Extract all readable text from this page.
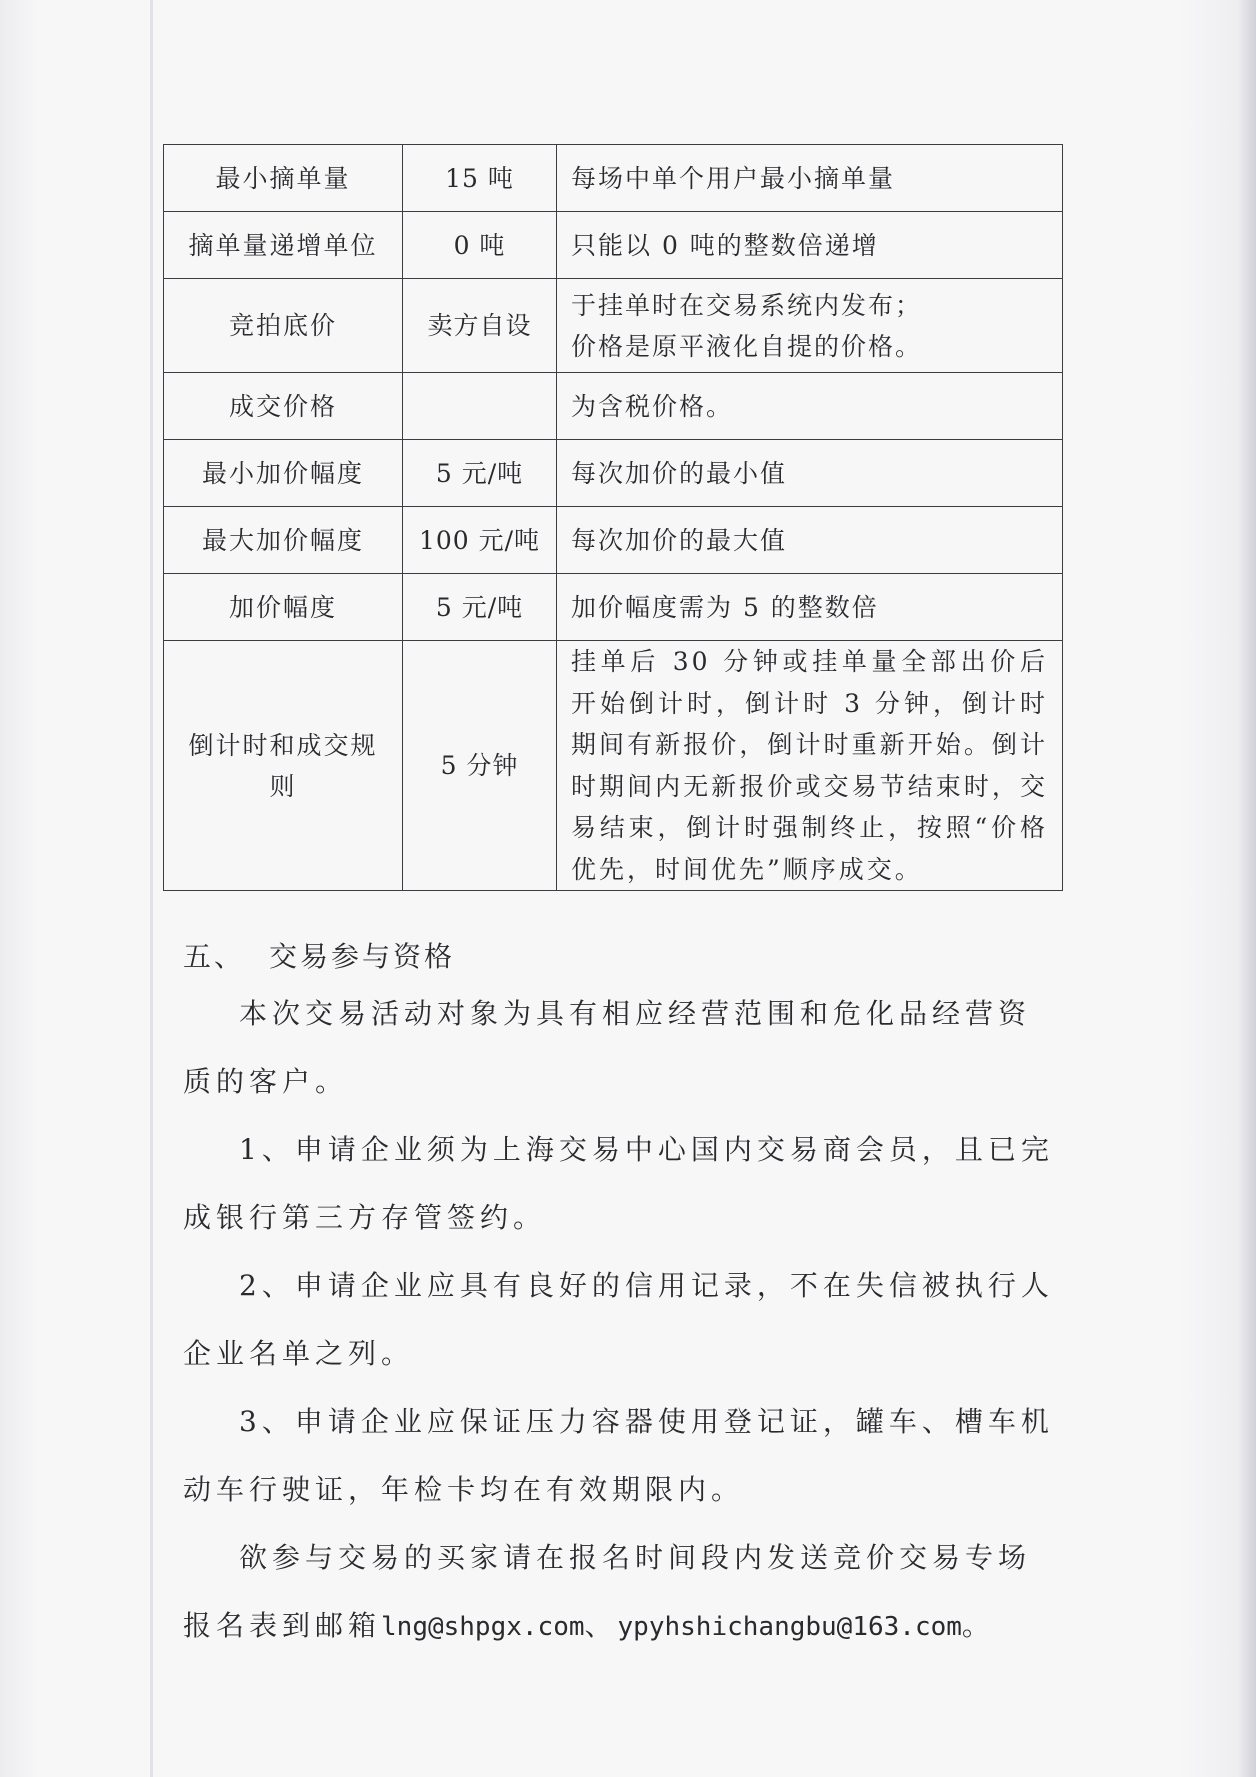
最小摘单量	15 吨	每场中单个用户最小摘单量
摘单量递增单位	0 吨	只能以 0 吨的整数倍递增
竞拍底价	卖方自设	于挂单时在交易系统内发布；
价格是原平液化自提的价格。

成交价格		为含税价格。
最小加价幅度	5 元/吨	每次加价的最小值
最大加价幅度	100 元/吨	每次加价的最大值
加价幅度	5 元/吨	加价幅度需为 5 的整数倍
倒计时和成交规则	5 分钟	挂单后 30 分钟或挂单量全部出价后开始倒计时，倒计时 3 分钟，倒计时期间有新报价，倒计时重新开始。倒计时期间内无新报价或交易节结束时，交易结束，倒计时强制终止，按照“价格优先，时间优先”顺序成交。
五、 交易参与资格

本次交易活动对象为具有相应经营范围和危化品经营资质的客户。

1、申请企业须为上海交易中心国内交易商会员，且已完成银行第三方存管签约。

2、申请企业应具有良好的信用记录，不在失信被执行人企业名单之列。

3、申请企业应保证压力容器使用登记证，罐车、槽车机动车行驶证，年检卡均在有效期限内。

欲参与交易的买家请在报名时间段内发送竞价交易专场报名表到邮箱lng@shpgx.com、ypyhshichangbu@163.com。
